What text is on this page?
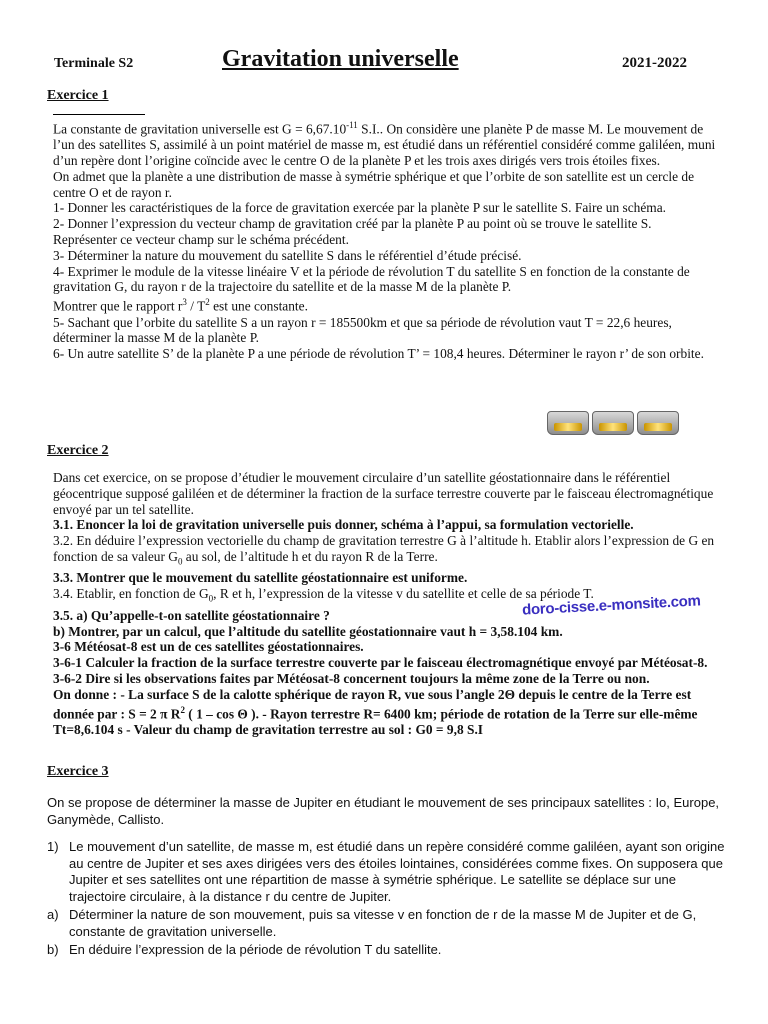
Terminale S2	Gravitation universelle	2021-2022
Exercice 1

La constante de gravitation universelle est $G = 6,67.10^{-11}$ S.I.. On considère une planète P de masse M. Le mouvement de l’un des satellites S, assimilé à un point matériel de masse m, est étudié dans un référentiel considéré comme galiléen, muni d’un repère dont l’origine coïncide avec le centre O de la planète P et les trois axes dirigés vers trois étoiles fixes.

On admet que la planète a une distribution de masse à symétrie sphérique et que l’orbite de son satellite est un cercle de centre O et de rayon r.

1- Donner les caractéristiques de la force de gravitation exercée par la planète P sur le satellite S. Faire un schéma.

2- Donner l’expression du vecteur champ de gravitation créé par la planète P au point où se trouve le satellite S.

Représenter ce vecteur champ sur le schéma précédent.

3- Déterminer la nature du mouvement du satellite S dans le référentiel d’étude précisé.

4- Exprimer le module de la vitesse linéaire V et la période de révolution T du satellite S en fonction de la constante de gravitation G, du rayon r de la trajectoire du satellite et de la masse M de la planète P.

Montrer que le rapport $r^3 / T^2$ est une constante.

5- Sachant que l’orbite du satellite S a un rayon r = 185500km et que sa période de révolution vaut T = 22,6 heures, déterminer la masse M de la planète P.

6- Un autre satellite S’ de la planète P a une période de révolution T’ = 108,4 heures. Déterminer le rayon r’ de son orbite.

Exercice 2

Dans cet exercice, on se propose d’étudier le mouvement circulaire d’un satellite géostationnaire dans le référentiel géocentrique supposé galiléen et de déterminer la fraction de la surface terrestre couverte par le faisceau électromagnétique envoyé par un tel satellite.

3.1. Enoncer la loi de gravitation universelle puis donner, schéma à l’appui, sa formulation vectorielle.

3.2. En déduire l’expression vectorielle du champ de gravitation terrestre G à l’altitude h. Etablir alors l’expression de G en fonction de sa valeur $G_0$ au sol, de l’altitude h et du rayon R de la Terre.

3.3. Montrer que le mouvement du satellite géostationnaire est uniforme.

3.4. Etablir, en fonction de $G_0$, R et h, l’expression de la vitesse v du satellite et celle de sa période T.

3.5. a) Qu’appelle-t-on satellite géostationnaire ?

b) Montrer, par un calcul, que l’altitude du satellite géostationnaire vaut h = 3,58.104 km.

3-6 Météosat-8 est un de ces satellites géostationnaires.

3-6-1 Calculer la fraction de la surface terrestre couverte par le faisceau électromagnétique envoyé par Météosat-8.

3-6-2 Dire si les observations faites par Météosat-8 concernent toujours la même zone de la Terre ou non.

On donne : - La surface S de la calotte sphérique de rayon R, vue sous l’angle 2Θ depuis le centre de la Terre est donnée par : S = 2 π $R^2$ ( 1 – cos Θ ). - Rayon terrestre R= 6400 km; période de rotation de la Terre sur elle-même Tt=8,6.104 s - Valeur du champ de gravitation terrestre au sol : G0 = 9,8 S.I

doro-cisse.e-monsite.com
Exercice 3

On se propose de déterminer la masse de Jupiter en étudiant le mouvement de ses principaux satellites : Io, Europe, Ganymède, Callisto.

1) Le mouvement d’un satellite, de masse m, est étudié dans un repère considéré comme galiléen, ayant son origine au centre de Jupiter et ses axes dirigées vers des étoiles lointaines, considérées comme fixes. On supposera que Jupiter et ses satellites ont une répartition de masse à symétrie sphérique. Le satellite se déplace sur une trajectoire circulaire, à la distance r du centre de Jupiter.
a) Déterminer la nature de son mouvement, puis sa vitesse v en fonction de r de la masse M de Jupiter et de G, constante de gravitation universelle.
b) En déduire l’expression de la période de révolution T du satellite.
